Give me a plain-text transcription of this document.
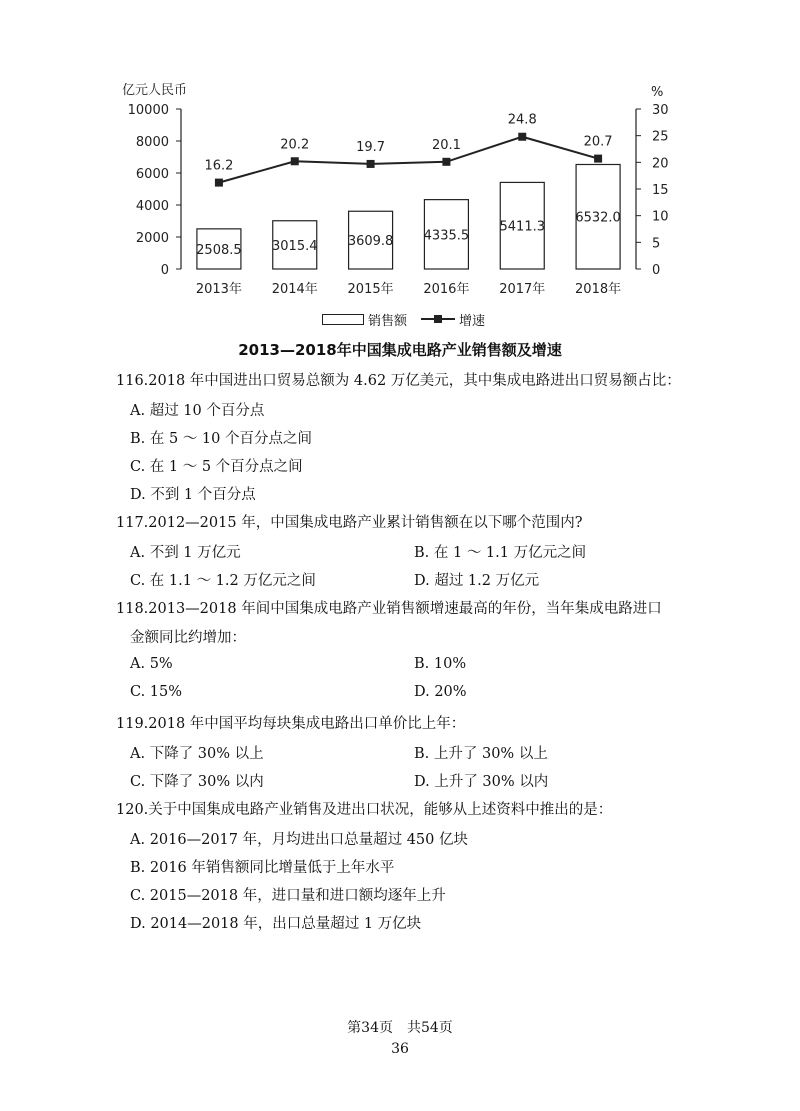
亿元人民币	%
0
2000
4000
6000
8000
10000
0
5
10
15
20
25
30
2508.5 3015.4 3609.8 4335.5
5411.3
6532.0
2013年 2014年 2015年 2016年 2017年 2018年
16.2
20.2	19.7	20.1
24.8
20.7
销售额	增速
2013—2018年中国集成电路产业销售额及增速
116.2018 年中国进出口贸易总额为 4.62 万亿美元，其中集成电路进出口贸易额占比：
A. 超过 10 个百分点
B. 在 5 ～ 10 个百分点之间
C. 在 1 ～ 5 个百分点之间
D. 不到 1 个百分点
117.2012—2015 年，中国集成电路产业累计销售额在以下哪个范围内?
A. 不到 1 万亿元	B. 在 1 ～ 1.1 万亿元之间
C. 在 1.1 ～ 1.2 万亿元之间	D. 超过 1.2 万亿元
118.2013—2018 年间中国集成电路产业销售额增速最高的年份，当年集成电路进口
金额同比约增加：
A. 5%	B. 10%
C. 15%	D. 20%
119.2018 年中国平均每块集成电路出口单价比上年：
A. 下降了 30% 以上	B. 上升了 30% 以上
C. 下降了 30% 以内	D. 上升了 30% 以内
120.关于中国集成电路产业销售及进出口状况，能够从上述资料中推出的是：
A. 2016—2017 年，月均进出口总量超过 450 亿块
B. 2016 年销售额同比增量低于上年水平
C. 2015—2018 年，进口量和进口额均逐年上升
D. 2014—2018 年，出口总量超过 1 万亿块
第34页　共54页
36
